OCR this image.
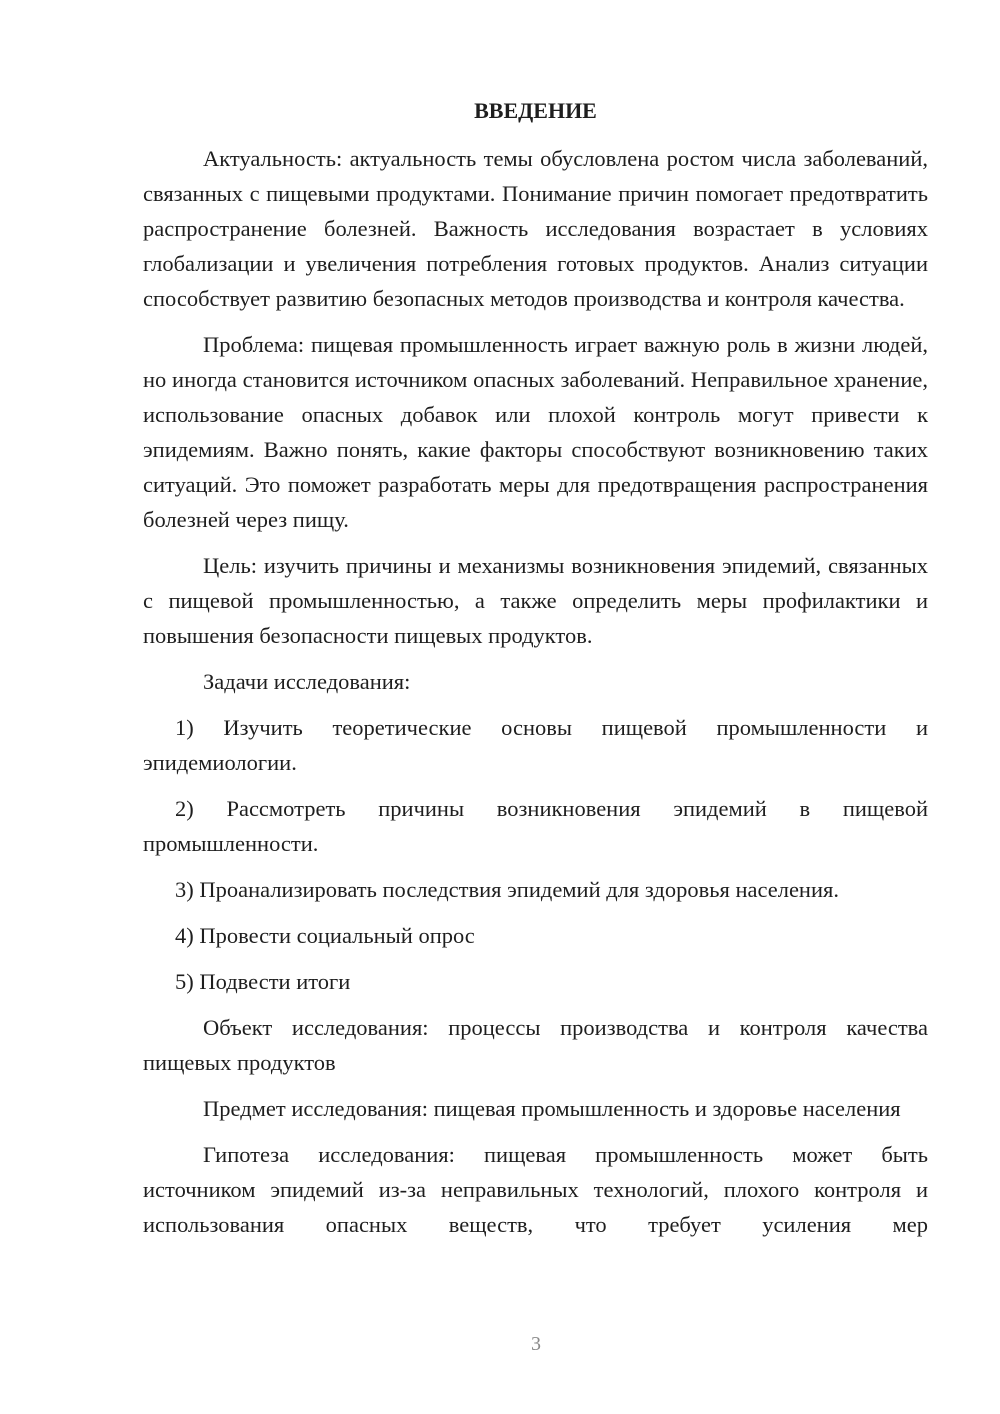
ВВЕДЕНИЕ

Актуальность: актуальность темы обусловлена ростом числа заболеваний, связанных с пищевыми продуктами. Понимание причин помогает предотвратить распространение болезней. Важность исследования возрастает в условиях глобализации и увеличения потребления готовых продуктов. Анализ ситуации способствует развитию безопасных методов производства и контроля качества.

Проблема: пищевая промышленность играет важную роль в жизни людей, но иногда становится источником опасных заболеваний. Неправильное хранение, использование опасных добавок или плохой контроль могут привести к эпидемиям. Важно понять, какие факторы способствуют возникновению таких ситуаций. Это поможет разработать меры для предотвращения распространения болезней через пищу.

Цель: изучить причины и механизмы возникновения эпидемий, связанных с пищевой промышленностью, а также определить меры профилактики и повышения безопасности пищевых продуктов.

Задачи исследования:

1) Изучить теоретические основы пищевой промышленности и эпидемиологии.

2) Рассмотреть причины возникновения эпидемий в пищевой промышленности.

3) Проанализировать последствия эпидемий для здоровья населения.

4) Провести социальный опрос

5) Подвести итоги

Объект исследования: процессы производства и контроля качества пищевых продуктов

Предмет исследования: пищевая промышленность и здоровье населения

Гипотеза исследования: пищевая промышленность может быть источником эпидемий из-за неправильных технологий, плохого контроля и использования опасных веществ, что требует усиления мер

3
